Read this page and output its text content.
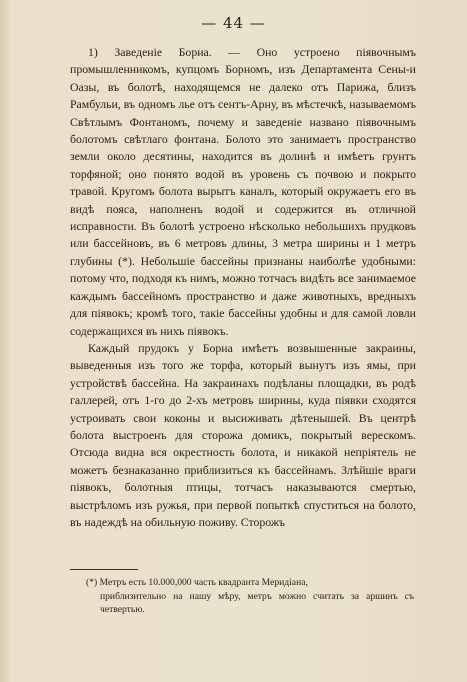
— 44 —

1) Заведенiе Борна. — Оно устроено пiявочнымъ промышленникомъ, купцомъ Борномъ, изъ Департамента Сены-и Оазы, въ болотѣ, находящемся не далеко отъ Парижа, близъ Рамбульи, въ одномъ лье отъ сентъ-Арну, въ мѣстечкѣ, называемомъ Свѣтлымъ Фонтаномъ, почему и заведенiе названо пiявочнымъ болотомъ свѣтлаго фонтана. Болото это занимаетъ пространство земли около десятины, находится въ долинѣ и имѣетъ грунтъ торфяной; оно понято водой въ уровень съ почвою и покрыто травой. Кругомъ болота вырытъ каналъ, который окружаетъ его въ видѣ пояса, наполненъ водой и содержится въ отличной исправности. Въ болотѣ устроено нѣсколько небольшихъ прудковъ или бассейновъ, въ 6 метровъ длины, 3 метра ширины и 1 метръ глубины (*). Небольшiе бассейны признаны наиболѣе удобными: потому что, подходя къ нимъ, можно тотчасъ видѣть все занимаемое каждымъ бассейномъ пространство и даже животныхъ, вредныхъ для пiявокъ; кромѣ того, такiе бассейны удобны и для самой ловли содержащихся въ нихъ пiявокъ.

Каждый прудокъ у Борна имѣетъ возвышенные закраины, выведенныя изъ того же торфа, который вынутъ изъ ямы, при устройствѣ бассейна. На закраинахъ подѣланы площадки, въ родѣ галлерей, отъ 1-го до 2-хъ метровъ ширины, куда пiявки сходятся устроивать свои коконы и высиживать дѣтенышей. Въ центрѣ болота выстроенъ для сторожа домикъ, покрытый верескомъ. Отсюда видна вся окрестность болота, и никакой непрiятель не можетъ безнаказанно приблизиться къ бассейнамъ. Злѣйшiе враги пiявокъ, болотныя птицы, тотчасъ наказываются смертью, выстрѣломъ изъ ружья, при первой попыткѣ спуститься на болото, въ надеждѣ на обильную поживу. Сторожъ

(*) Метръ есть 10.000,000 часть квадранта Меридiана,
приблизительно на нашу мѣру, метръ можно считать за аршинъ съ четвертью.
